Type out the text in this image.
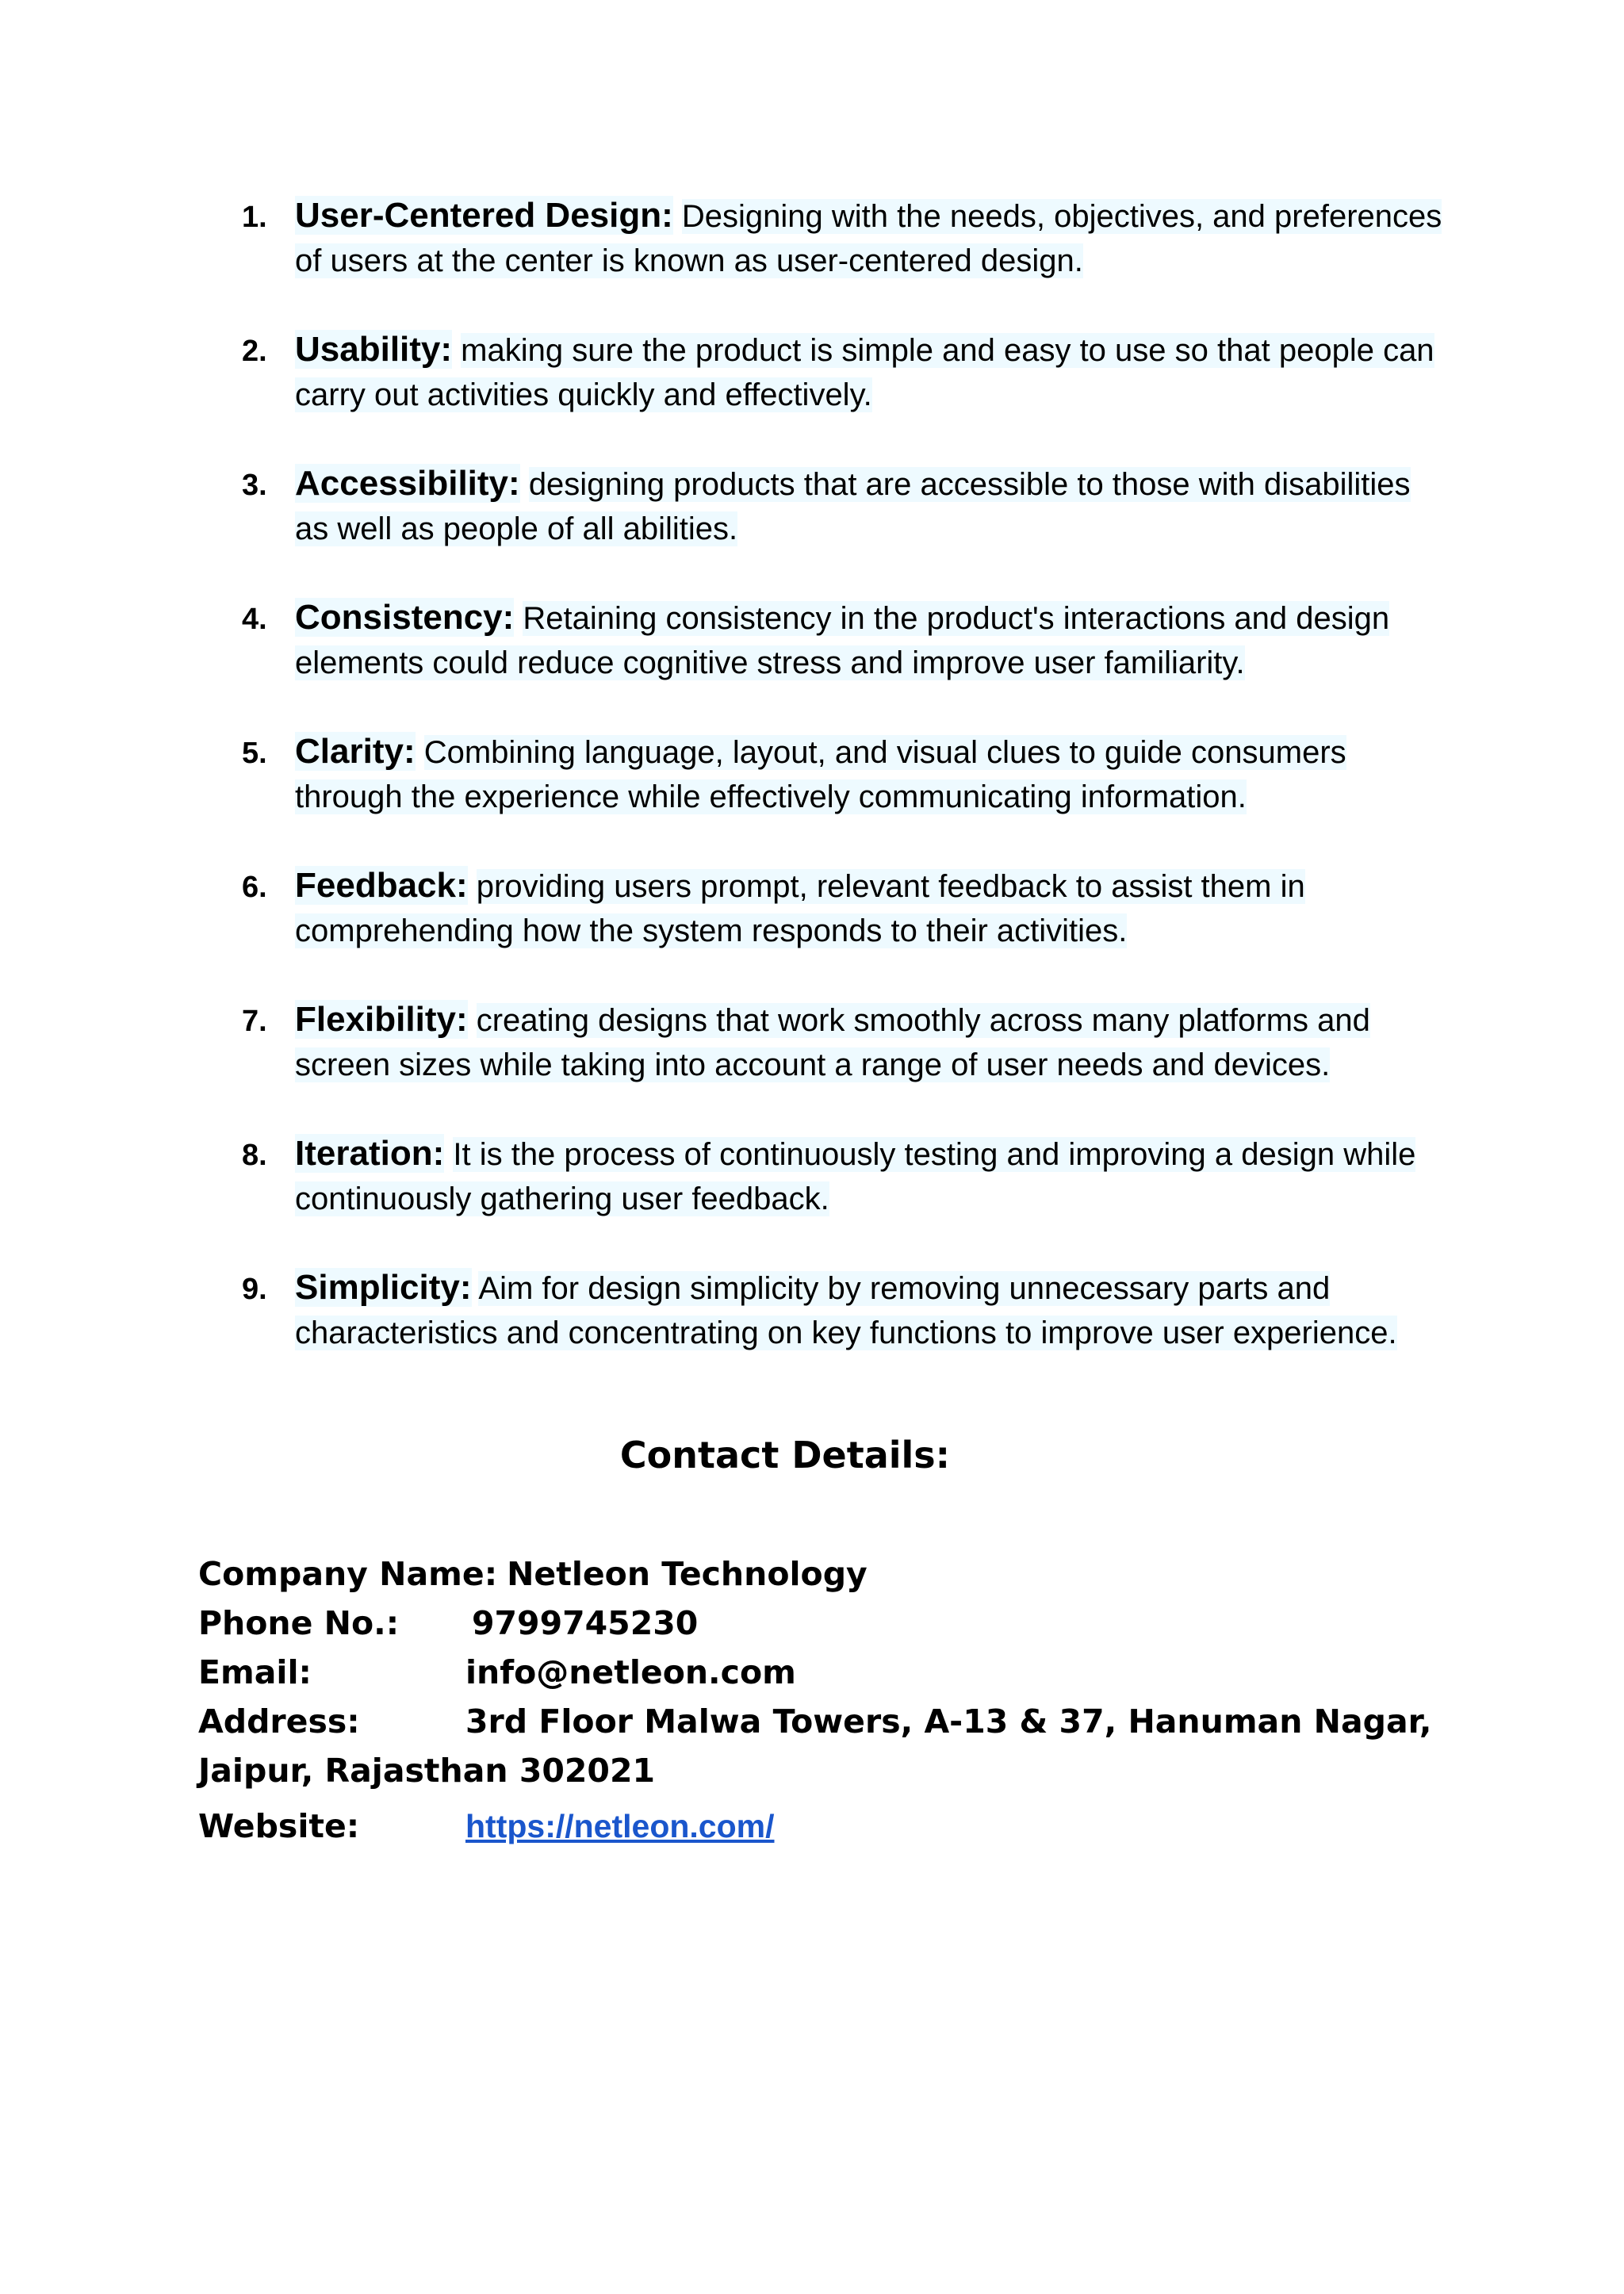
1. User-Centered Design: Designing with the needs, objectives, and preferences of users at the center is known as user-centered design.
2. Usability: making sure the product is simple and easy to use so that people can carry out activities quickly and effectively.
3. Accessibility: designing products that are accessible to those with disabilities as well as people of all abilities.
4. Consistency: Retaining consistency in the product's interactions and design elements could reduce cognitive stress and improve user familiarity.
5. Clarity: Combining language, layout, and visual clues to guide consumers through the experience while effectively communicating information.
6. Feedback: providing users prompt, relevant feedback to assist them in comprehending how the system responds to their activities.
7. Flexibility: creating designs that work smoothly across many platforms and screen sizes while taking into account a range of user needs and devices.
8. Iteration: It is the process of continuously testing and improving a design while continuously gathering user feedback.
9. Simplicity: Aim for design simplicity by removing unnecessary parts and characteristics and concentrating on key functions to improve user experience.
Contact Details:
Company Name: Netleon Technology
Phone No.:	9799745230
Email:	info@netleon.com
Address:	3rd Floor Malwa Towers, A-13 & 37, Hanuman Nagar, Jaipur, Rajasthan 302021
Website:	https://netleon.com/
